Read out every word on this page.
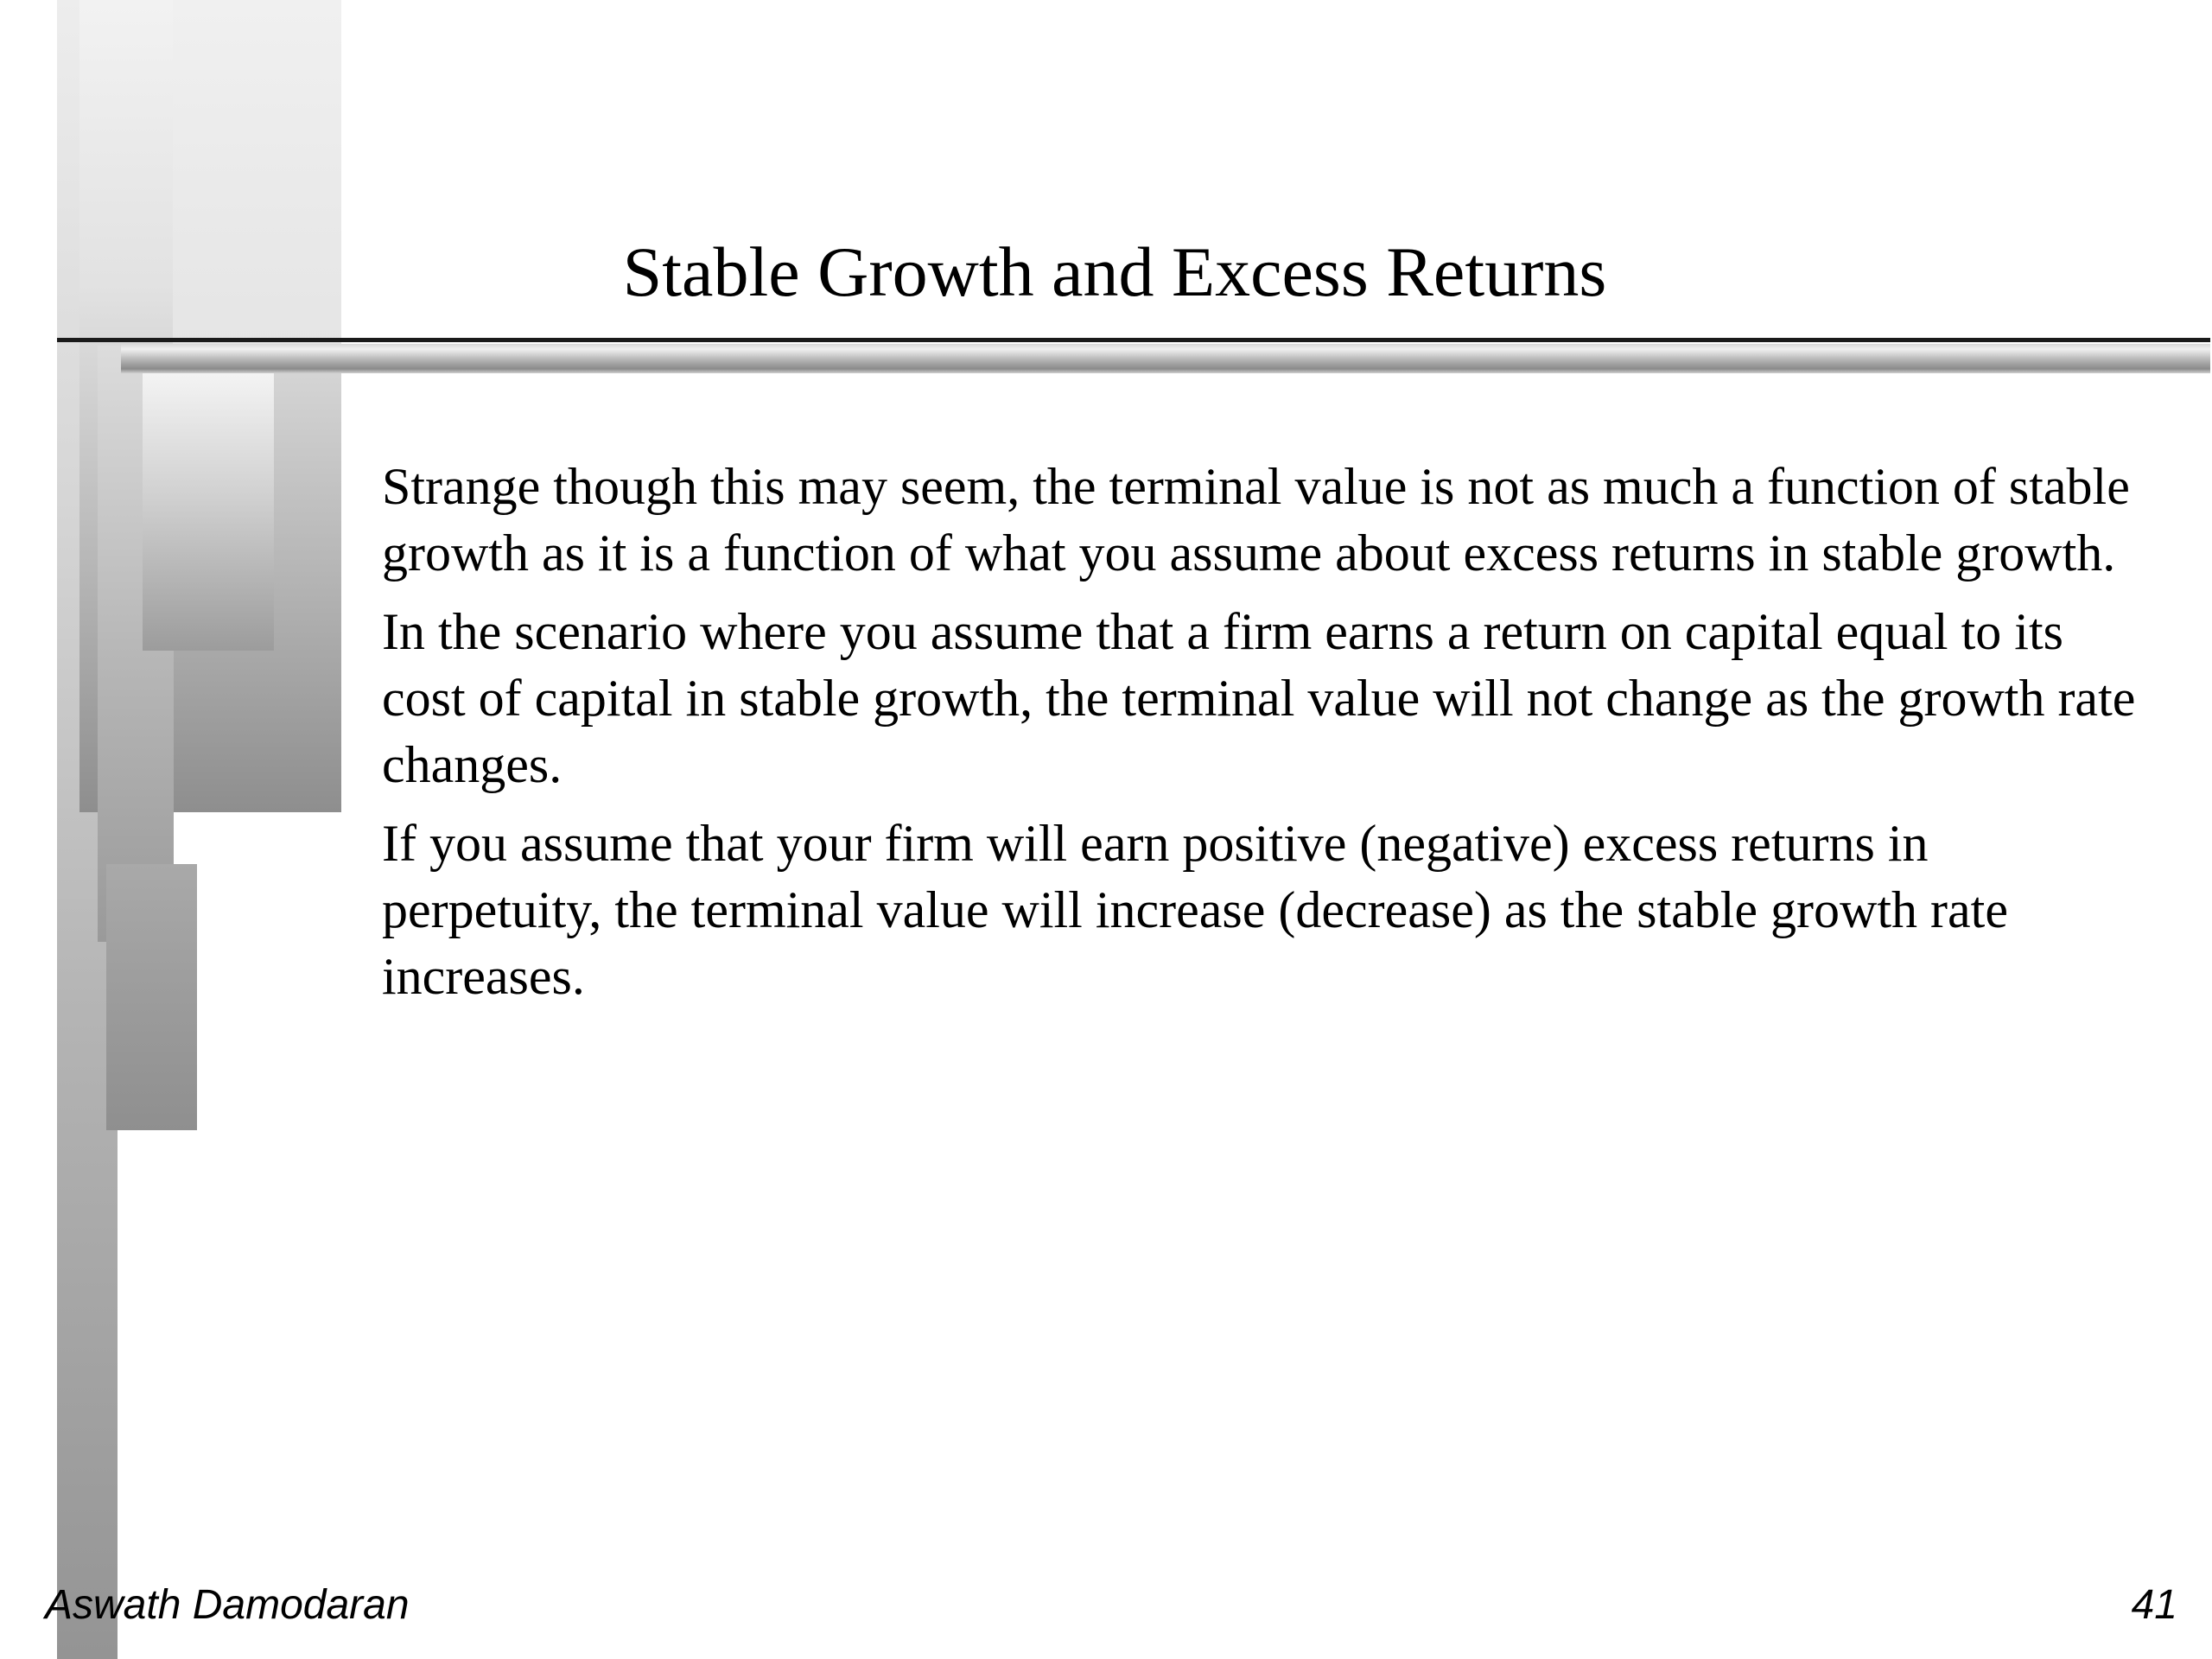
Stable Growth and Excess Returns
Strange though this may seem, the terminal value is not as much a function of stable growth as it is a function of what you assume about excess returns in stable growth.
In the scenario where you assume that a firm earns a return on capital equal to its cost of capital in stable growth, the terminal value will not change as the growth rate changes.
If you assume that your firm will earn positive (negative) excess returns in perpetuity, the terminal value will increase (decrease) as the stable growth rate increases.
Aswath Damodaran	41
